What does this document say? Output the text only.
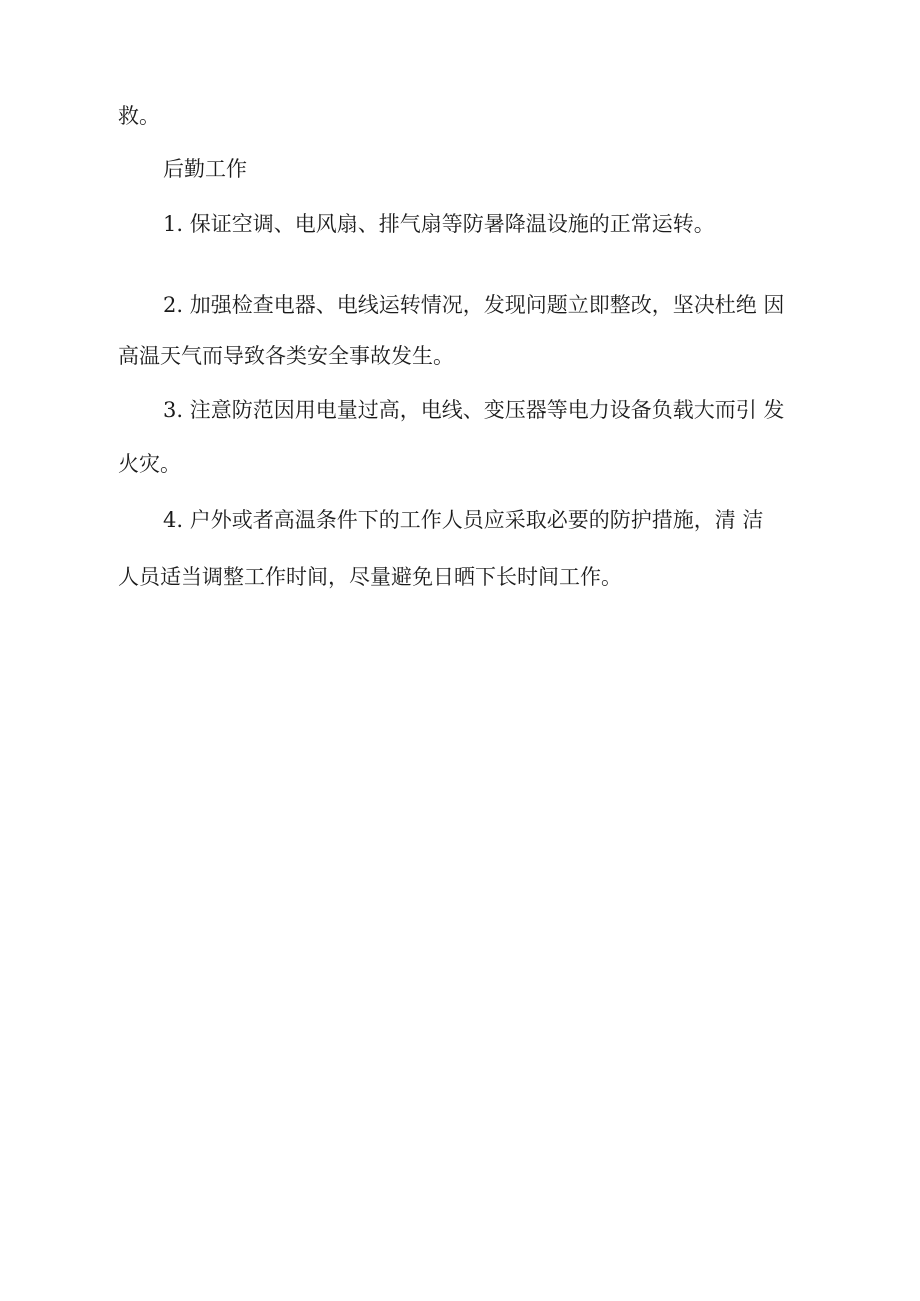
救。
后勤工作
1. 保证空调、电风扇、排气扇等防暑降温设施的正常运转。
2. 加强检查电器、电线运转情况，发现问题立即整改，坚决杜绝 因
高温天气而导致各类安全事故发生。
3. 注意防范因用电量过高，电线、变压器等电力设备负载大而引 发
火灾。
4. 户外或者高温条件下的工作人员应采取必要的防护措施，清 洁
人员适当调整工作时间，尽量避免日晒下长时间工作。
